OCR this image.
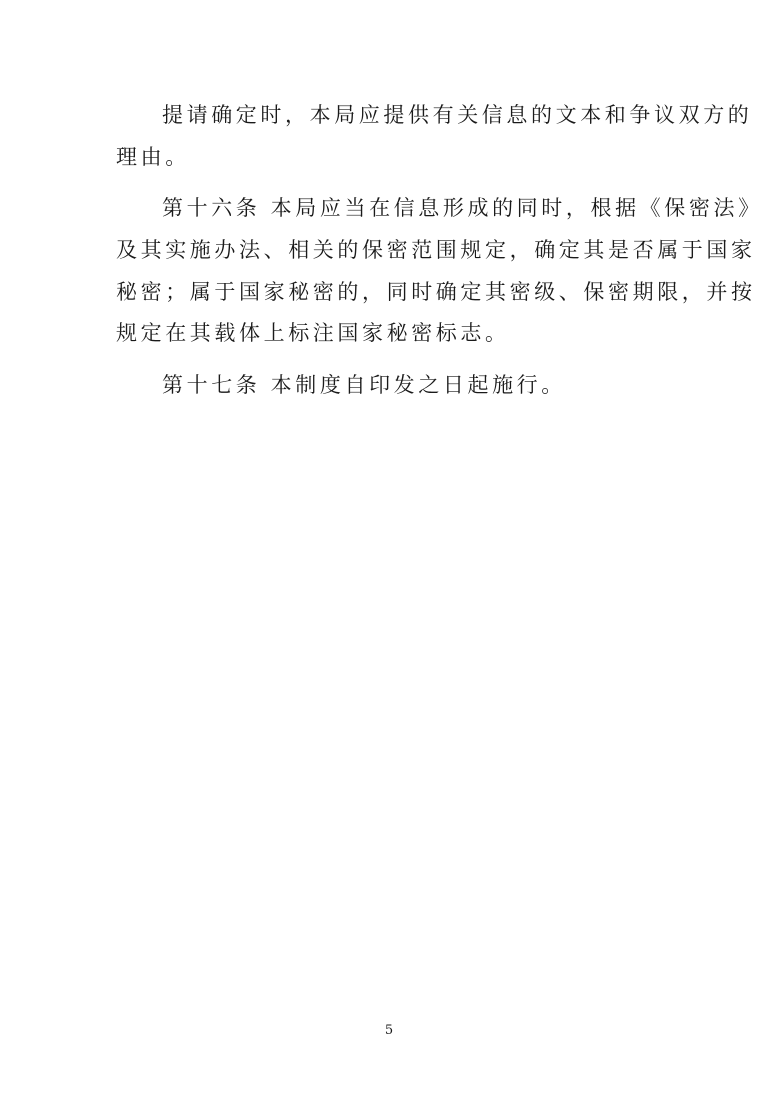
提请确定时，本局应提供有关信息的文本和争议双方的
理由。
第十六条 本局应当在信息形成的同时，根据《保密法》
及其实施办法、相关的保密范围规定，确定其是否属于国家
秘密；属于国家秘密的，同时确定其密级、保密期限，并按
规定在其载体上标注国家秘密标志。
第十七条 本制度自印发之日起施行。
5
